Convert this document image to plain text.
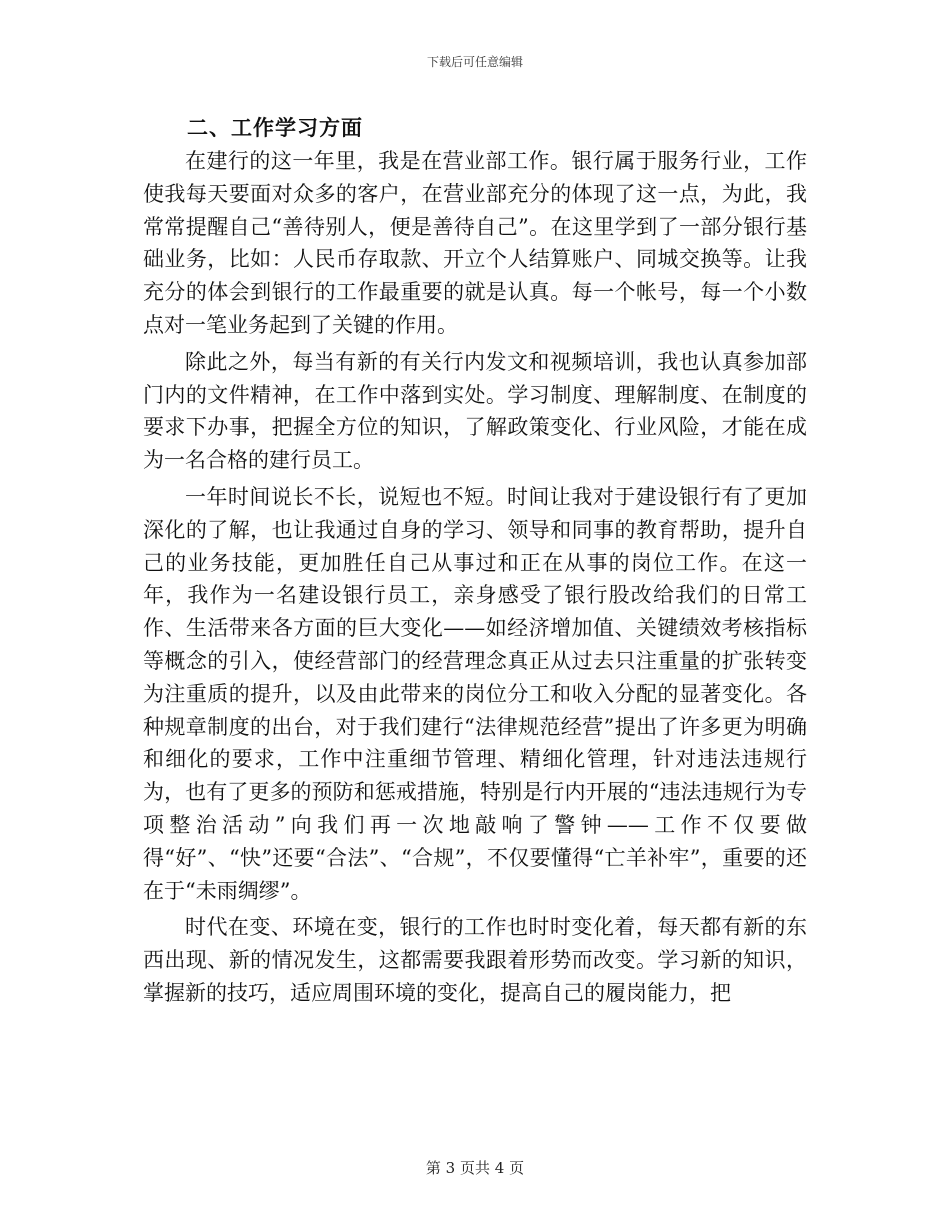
下载后可任意编辑
二、工作学习方面

在建行的这一年里，我是在营业部工作。银行属于服务行业，工作使我每天要面对众多的客户，在营业部充分的体现了这一点，为此，我常常提醒自己“善待别人，便是善待自己”。在这里学到了一部分银行基础业务，比如：人民币存取款、开立个人结算账户、同城交换等。让我充分的体会到银行的工作最重要的就是认真。每一个帐号，每一个小数点对一笔业务起到了关键的作用。

除此之外，每当有新的有关行内发文和视频培训，我也认真参加部门内的文件精神，在工作中落到实处。学习制度、理解制度、在制度的要求下办事，把握全方位的知识，了解政策变化、行业风险，才能在成为一名合格的建行员工。

一年时间说长不长，说短也不短。时间让我对于建设银行有了更加深化的了解，也让我通过自身的学习、领导和同事的教育帮助，提升自己的业务技能，更加胜任自己从事过和正在从事的岗位工作。在这一年，我作为一名建设银行员工，亲身感受了银行股改给我们的日常工作、生活带来各方面的巨大变化——如经济增加值、关键绩效考核指标等概念的引入，使经营部门的经营理念真正从过去只注重量的扩张转变为注重质的提升，以及由此带来的岗位分工和收入分配的显著变化。各种规章制度的出台，对于我们建行“法律规范经营”提出了许多更为明确和细化的要求，工作中注重细节管理、精细化管理，针对违法违规行为，也有了更多的预防和惩戒措施，特别是行内开展的“违法违规行为专项整治活动”向我们再一次地敲响了警钟——工作不仅要做得“好”、“快”还要“合法”、“合规”，不仅要懂得“亡羊补牢”，重要的还在于“未雨绸缪”。

时代在变、环境在变，银行的工作也时时变化着，每天都有新的东西出现、新的情况发生，这都需要我跟着形势而改变。学习新的知识，掌握新的技巧，适应周围环境的变化，提高自己的履岗能力，把

第 3 页共 4 页
